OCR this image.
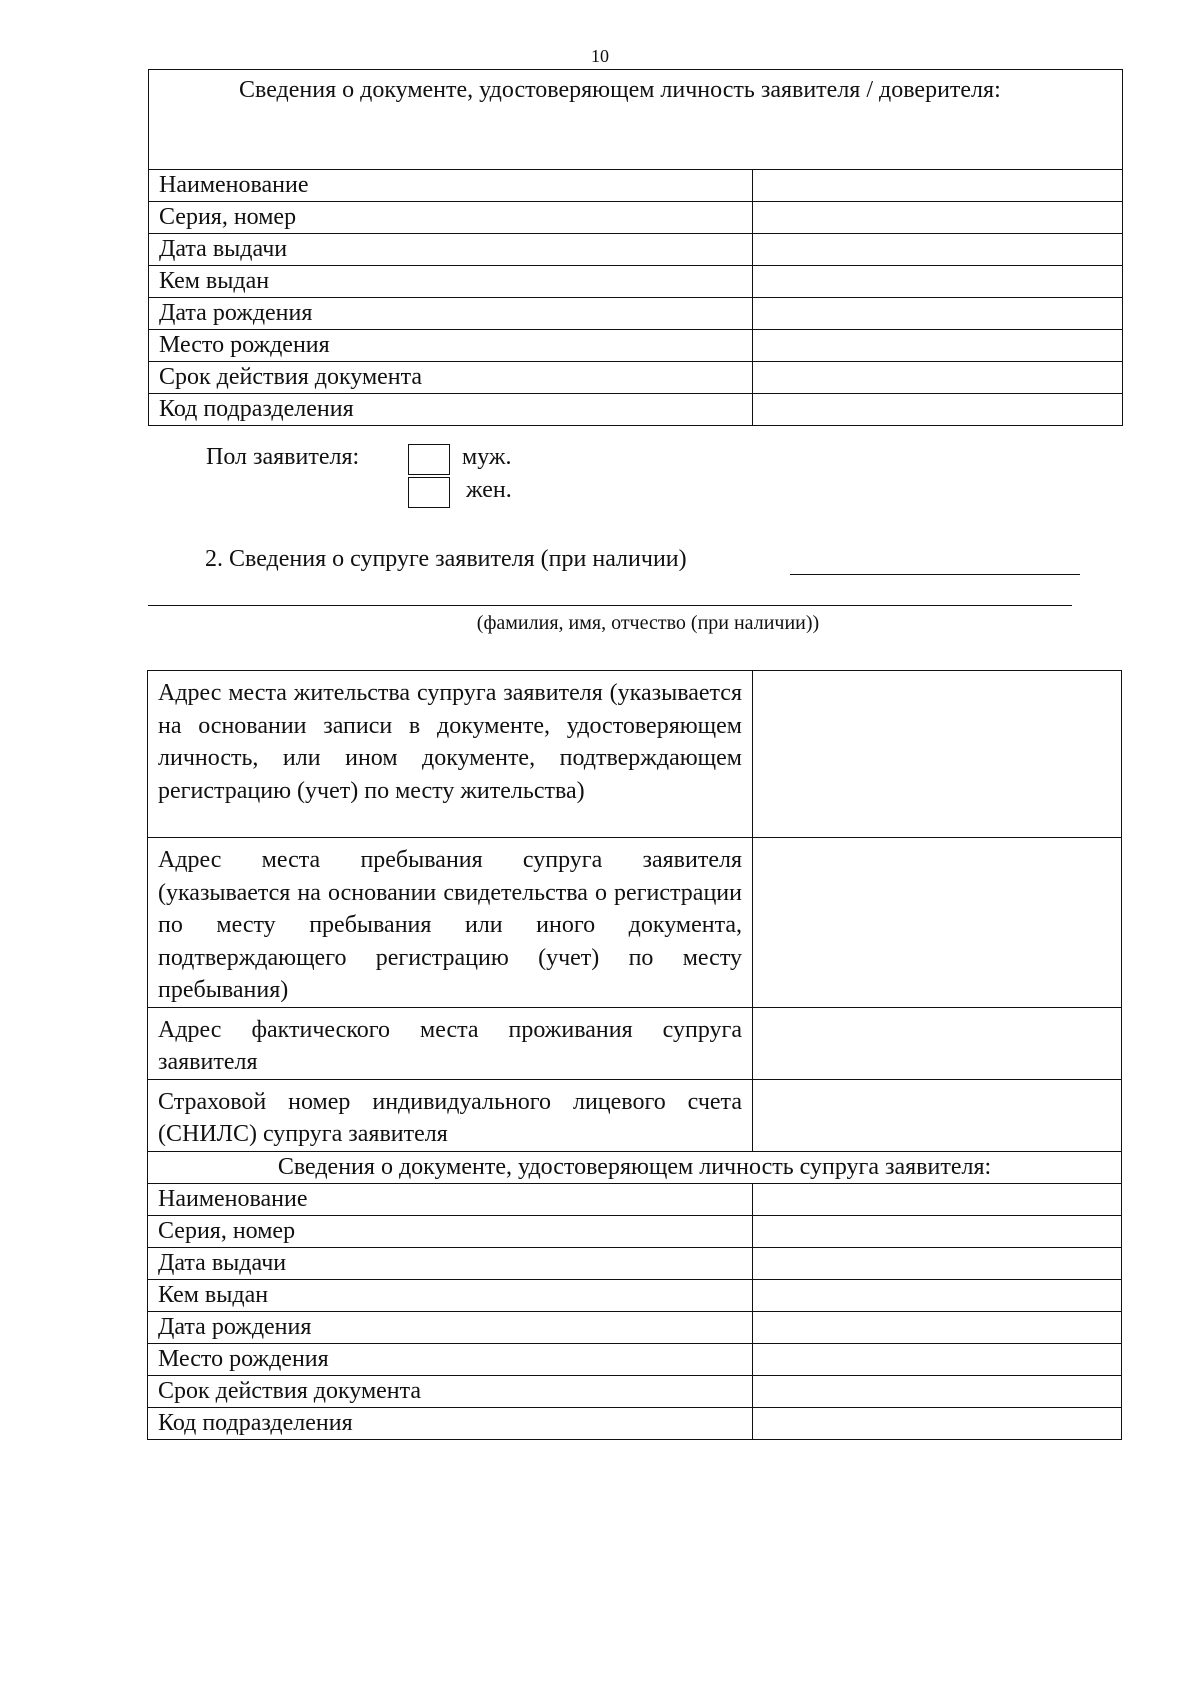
10
Сведения о документе, удостоверяющем личность заявителя / доверителя:	
Наименование	
Серия, номер	
Дата выдачи	
Кем выдан	
Дата рождения	
Место рождения	
Срок действия документа	
Код подразделения	
Пол заявителя:	муж.
жен.
2. Сведения о супруге заявителя (при наличии)
(фамилия, имя, отчество (при наличии))
Адрес места жительства супруга заявителя (указывается на основании записи в документе, удостоверяющем личность, или ином документе, подтверждающем регистрацию (учет) по месту жительства)	
Адрес места пребывания супруга заявителя (указывается на основании свидетельства о регистрации по месту пребывания или иного документа, подтверждающего регистрацию (учет) по месту пребывания)	
Адрес фактического места проживания супруга заявителя	
Страховой номер индивидуального лицевого счета (СНИЛС) супруга заявителя	
Сведения о документе, удостоверяющем личность супруга заявителя:	
Наименование	
Серия, номер	
Дата выдачи	
Кем выдан	
Дата рождения	
Место рождения	
Срок действия документа	
Код подразделения	
